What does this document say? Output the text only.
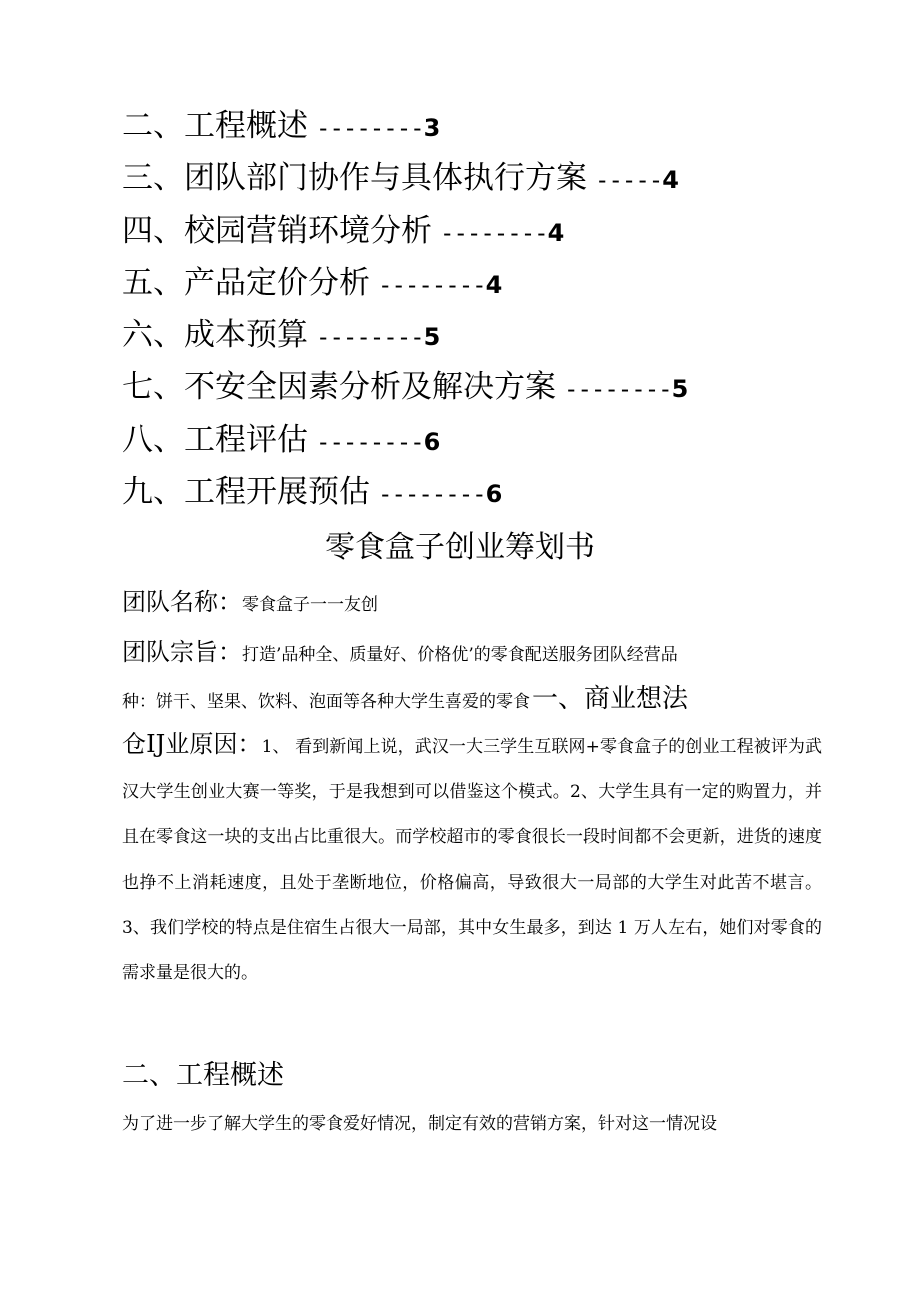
二、工程概述 --------3
三、团队部门协作与具体执行方案 -----4
四、校园营销环境分析 --------4
五、产品定价分析 --------4
六、成本预算 --------5
七、不安全因素分析及解决方案 --------5
八、工程评估 --------6
九、工程开展预估 --------6
零食盒子创业筹划书
团队名称：零食盒子一一友创
团队宗旨：打造’品种全、质量好、价格优’的零食配送服务团队经营品
种：饼干、坚果、饮料、泡面等各种大学生喜爱的零食一、商业想法
仓IJ业原因：1、 看到新闻上说，武汉一大三学生互联网+零食盒子的创业工程被评为武汉大学生创业大赛一等奖，于是我想到可以借鉴这个模式。2、大学生具有一定的购置力，并且在零食这一块的支出占比重很大。而学校超市的零食很长一段时间都不会更新，进货的速度也挣不上消耗速度，且处于垄断地位，价格偏高，导致很大一局部的大学生对此苦不堪言。3、我们学校的特点是住宿生占很大一局部，其中女生最多，到达 1 万人左右，她们对零食的需求量是很大的。
二、工程概述
为了进一步了解大学生的零食爱好情况，制定有效的营销方案，针对这一情况设
